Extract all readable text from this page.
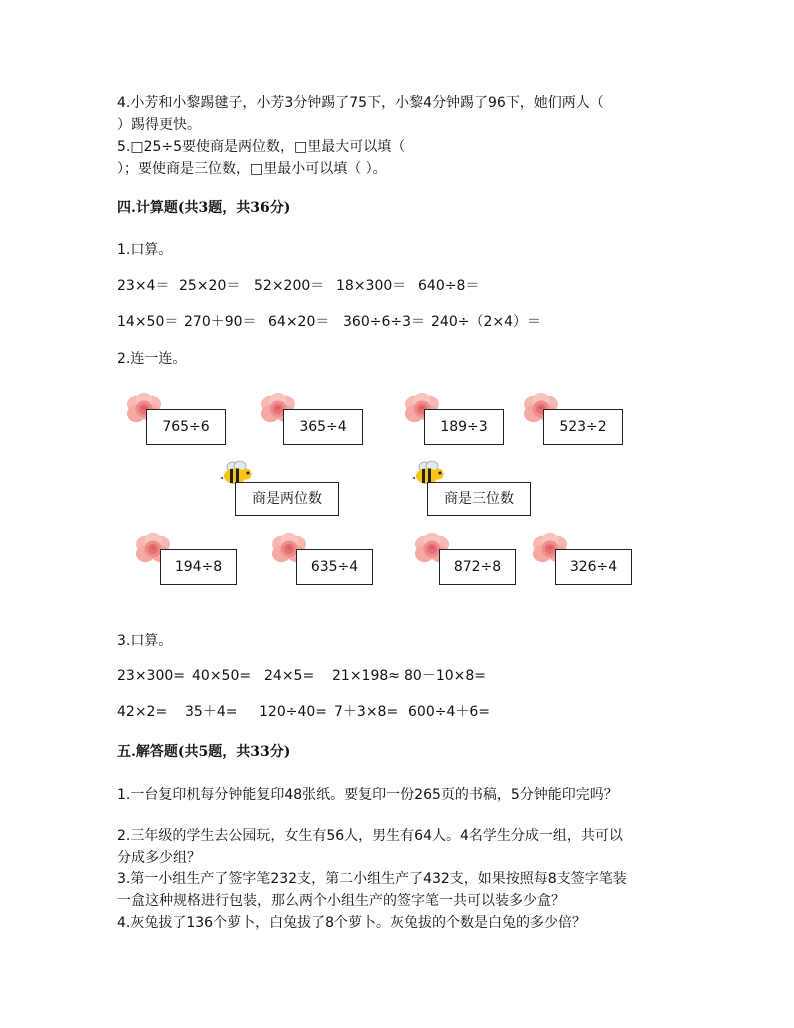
4.小芳和小黎踢毽子，小芳3分钟踢了75下，小黎4分钟踢了96下，她们两人（
）踢得更快。
5.□25÷5要使商是两位数，□里最大可以填（
）；要使商是三位数，□里最小可以填（ ）。
四.计算题(共3题，共36分)
1.口算。
23×4＝ 25×20＝ 52×200＝ 18×300＝ 640÷8＝
14×50＝ 270＋90＝ 64×20＝ 360÷6÷3＝ 240÷（2×4）＝
2.连一连。
765÷6	365÷4	189÷3	523÷2
商是两位数	商是三位数
194÷8	635÷4	872÷8	326÷4
3.口算。
23×300= 40×50= 24×5=	21×198≈ 80－10×8=
42×2=	35＋4=	120÷40= 7＋3×8= 600÷4＋6=
五.解答题(共5题，共33分)
1.一台复印机每分钟能复印48张纸。要复印一份265页的书稿，5分钟能印完吗？
2.三年级的学生去公园玩，女生有56人，男生有64人。4名学生分成一组，共可以
分成多少组？
3.第一小组生产了签字笔232支，第二小组生产了432支，如果按照每8支签字笔装
一盒这种规格进行包装，那么两个小组生产的签字笔一共可以装多少盒？
4.灰兔拔了136个萝卜，白兔拔了8个萝卜。灰兔拔的个数是白兔的多少倍？
